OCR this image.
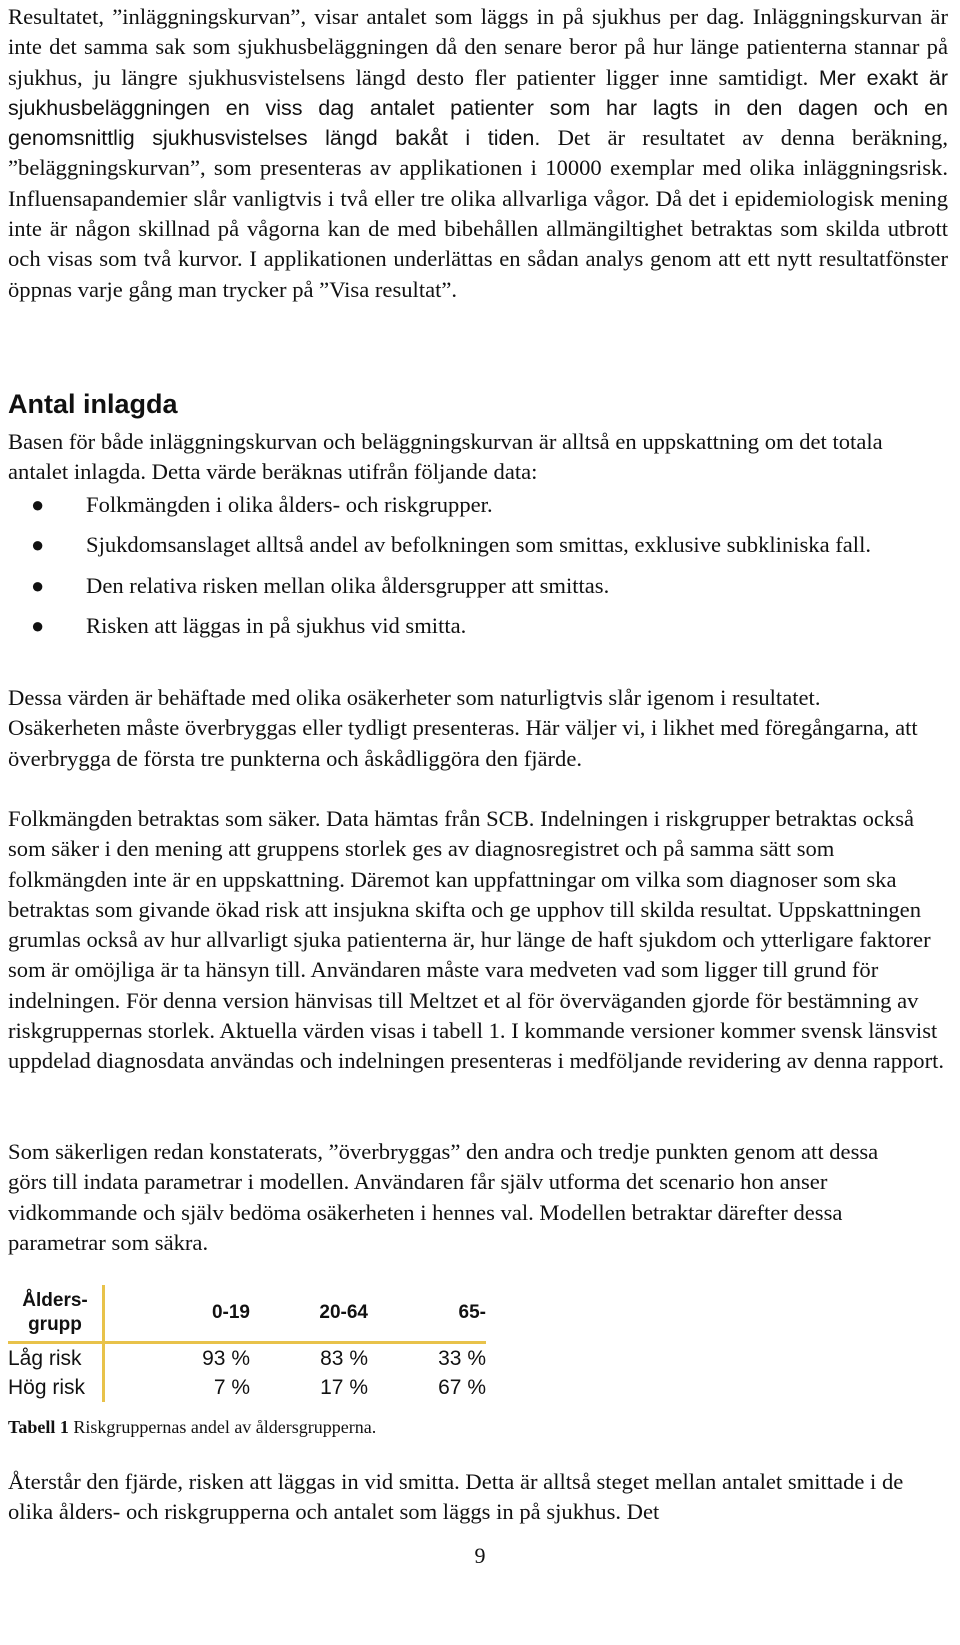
Resultatet, ”inläggningskurvan”, visar antalet som läggs in på sjukhus per dag. Inläggningskurvan är inte det samma sak som sjukhusbeläggningen då den senare beror på hur länge patienterna stannar på sjukhus, ju längre sjukhusvistelsens längd desto fler patienter ligger inne samtidigt. Mer exakt är sjukhusbeläggningen en viss dag antalet patienter som har lagts in den dagen och en genomsnittlig sjukhusvistelses längd bakåt i tiden. Det är resultatet av denna beräkning, ”beläggningskurvan”, som presenteras av applikationen i 10000 exemplar med olika inläggningsrisk. Influensapandemier slår vanligtvis i två eller tre olika allvarliga vågor. Då det i epidemiologisk mening inte är någon skillnad på vågorna kan de med bibehållen allmängiltighet betraktas som skilda utbrott och visas som två kurvor. I applikationen underlättas en sådan analys genom att ett nytt resultatfönster öppnas varje gång man trycker på ”Visa resultat”.

Antal inlagda

Basen för både inläggningskurvan och beläggningskurvan är alltså en uppskattning om det totala antalet inlagda. Detta värde beräknas utifrån följande data:

● Folkmängden i olika ålders- och riskgrupper.
● Sjukdomsanslaget alltså andel av befolkningen som smittas, exklusive subkliniska fall.
● Den relativa risken mellan olika åldersgrupper att smittas.
● Risken att läggas in på sjukhus vid smitta.

Dessa värden är behäftade med olika osäkerheter som naturligtvis slår igenom i resultatet. Osäkerheten måste överbryggas eller tydligt presenteras. Här väljer vi, i likhet med föregångarna, att överbrygga de första tre punkterna och åskådliggöra den fjärde.

Folkmängden betraktas som säker. Data hämtas från SCB. Indelningen i riskgrupper betraktas också som säker i den mening att gruppens storlek ges av diagnosregistret och på samma sätt som folkmängden inte är en uppskattning. Däremot kan uppfattningar om vilka som diagnoser som ska betraktas som givande ökad risk att insjukna skifta och ge upphov till skilda resultat. Uppskattningen grumlas också av hur allvarligt sjuka patienterna är, hur länge de haft sjukdom och ytterligare faktorer som är omöjliga är ta hänsyn till. Användaren måste vara medveten vad som ligger till grund för indelningen. För denna version hänvisas till Meltzet et al för överväganden gjorde för bestämning av riskgruppernas storlek. Aktuella värden visas i tabell 1. I kommande versioner kommer svensk länsvist uppdelad diagnosdata användas och indelningen presenteras i medföljande revidering av denna rapport.

Som säkerligen redan konstaterats, ”överbryggas” den andra och tredje punkten genom att dessa görs till indata parametrar i modellen. Användaren får själv utforma det scenario hon anser vidkommande och själv bedöma osäkerheten i hennes val. Modellen betraktar därefter dessa parametrar som säkra.

Ålders-
grupp	0-19	20-64	65-
Låg risk	93 %	83 %	33 %
Hög risk	7 %	17 %	67 %
Tabell 1 Riskgruppernas andel av åldersgrupperna.

Återstår den fjärde, risken att läggas in vid smitta. Detta är alltså steget mellan antalet smittade i de olika ålders- och riskgrupperna och antalet som läggs in på sjukhus. Det

9
